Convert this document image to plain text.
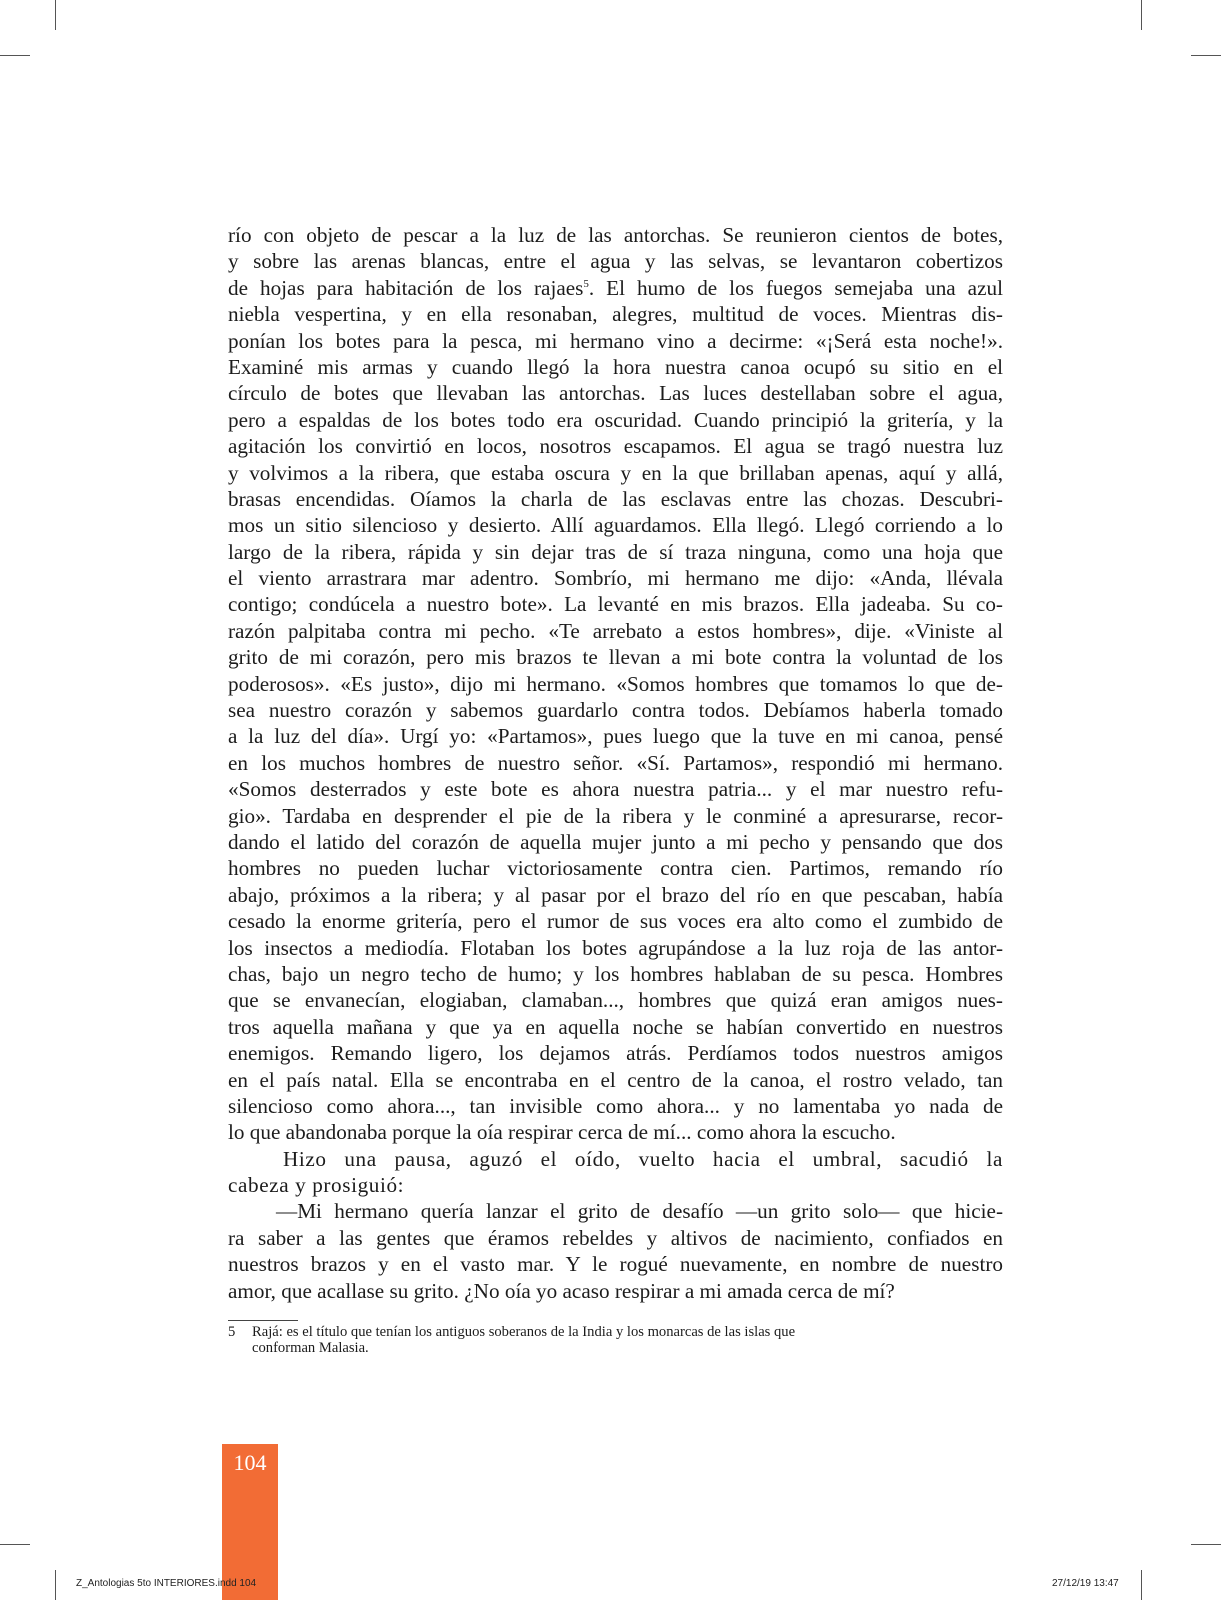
río con objeto de pescar a la luz de las antorchas. Se reunieron cientos de botes,
y sobre las arenas blancas, entre el agua y las selvas, se levantaron cobertizos
de hojas para habitación de los rajaes$^5$. El humo de los fuegos semejaba una azul
niebla vespertina, y en ella resonaban, alegres, multitud de voces. Mientras dis-
ponían los botes para la pesca, mi hermano vino a decirme: «¡Será esta noche!».
Examiné mis armas y cuando llegó la hora nuestra canoa ocupó su sitio en el
círculo de botes que llevaban las antorchas. Las luces destellaban sobre el agua,
pero a espaldas de los botes todo era oscuridad. Cuando principió la gritería, y la
agitación los convirtió en locos, nosotros escapamos. El agua se tragó nuestra luz
y volvimos a la ribera, que estaba oscura y en la que brillaban apenas, aquí y allá,
brasas encendidas. Oíamos la charla de las esclavas entre las chozas. Descubri-
mos un sitio silencioso y desierto. Allí aguardamos. Ella llegó. Llegó corriendo a lo
largo de la ribera, rápida y sin dejar tras de sí traza ninguna, como una hoja que
el viento arrastrara mar adentro. Sombrío, mi hermano me dijo: «Anda, llévala
contigo; condúcela a nuestro bote». La levanté en mis brazos. Ella jadeaba. Su co-
razón palpitaba contra mi pecho. «Te arrebato a estos hombres», dije. «Viniste al
grito de mi corazón, pero mis brazos te llevan a mi bote contra la voluntad de los
poderosos». «Es justo», dijo mi hermano. «Somos hombres que tomamos lo que de-
sea nuestro corazón y sabemos guardarlo contra todos. Debíamos haberla tomado
a la luz del día». Urgí yo: «Partamos», pues luego que la tuve en mi canoa, pensé
en los muchos hombres de nuestro señor. «Sí. Partamos», respondió mi hermano.
«Somos desterrados y este bote es ahora nuestra patria... y el mar nuestro refu-
gio». Tardaba en desprender el pie de la ribera y le conminé a apresurarse, recor-
dando el latido del corazón de aquella mujer junto a mi pecho y pensando que dos
hombres no pueden luchar victoriosamente contra cien. Partimos, remando río
abajo, próximos a la ribera; y al pasar por el brazo del río en que pescaban, había
cesado la enorme gritería, pero el rumor de sus voces era alto como el zumbido de
los insectos a mediodía. Flotaban los botes agrupándose a la luz roja de las antor-
chas, bajo un negro techo de humo; y los hombres hablaban de su pesca. Hombres
que se envanecían, elogiaban, clamaban..., hombres que quizá eran amigos nues-
tros aquella mañana y que ya en aquella noche se habían convertido en nuestros
enemigos. Remando ligero, los dejamos atrás. Perdíamos todos nuestros amigos
en el país natal. Ella se encontraba en el centro de la canoa, el rostro velado, tan
silencioso como ahora..., tan invisible como ahora... y no lamentaba yo nada de
lo que abandonaba porque la oía respirar cerca de mí... como ahora la escucho.
Hizo una pausa, aguzó el oído, vuelto hacia el umbral, sacudió la
cabeza y prosiguió:
—Mi hermano quería lanzar el grito de desafío —un grito solo— que hicie-
ra saber a las gentes que éramos rebeldes y altivos de nacimiento, confiados en
nuestros brazos y en el vasto mar. Y le rogué nuevamente, en nombre de nuestro
amor, que acallase su grito. ¿No oía yo acaso respirar a mi amada cerca de mí?
5 Rajá: es el título que tenían los antiguos soberanos de la India y los monarcas de las islas que
conforman Malasia.
104
Z_Antologias 5to INTERIORES.indd 104	27/12/19 13:47
